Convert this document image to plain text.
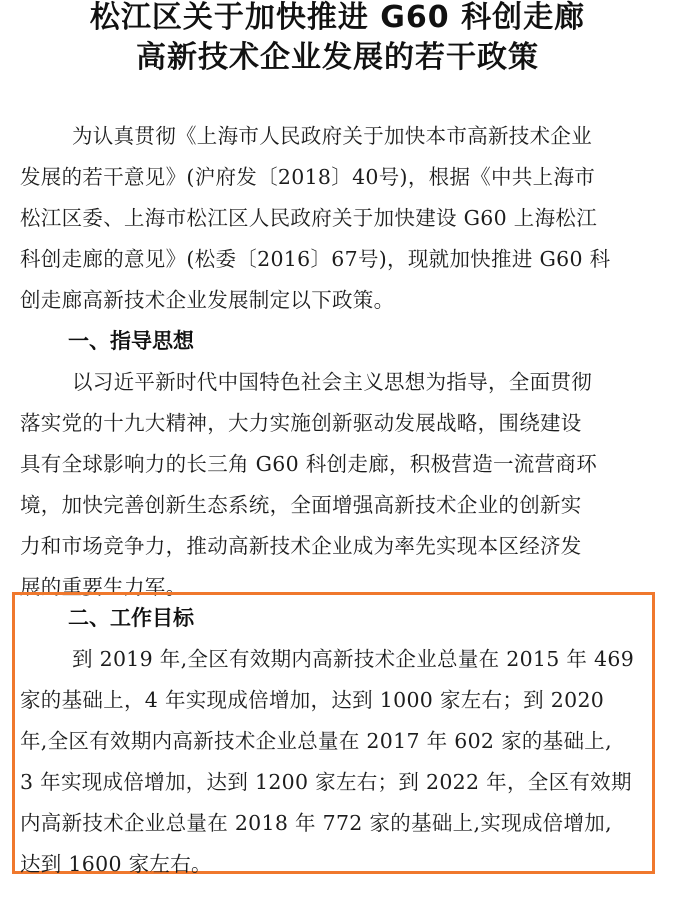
松江区关于加快推进 G60 科创走廊
高新技术企业发展的若干政策
为认真贯彻《上海市人民政府关于加快本市高新技术企业
发展的若干意见》(沪府发〔2018〕40号)，根据《中共上海市
松江区委、上海市松江区人民政府关于加快建设 G60 上海松江
科创走廊的意见》(松委〔2016〕67号)，现就加快推进 G60 科
创走廊高新技术企业发展制定以下政策。
一、指导思想
以习近平新时代中国特色社会主义思想为指导，全面贯彻
落实党的十九大精神，大力实施创新驱动发展战略，围绕建设
具有全球影响力的长三角 G60 科创走廊，积极营造一流营商环
境，加快完善创新生态系统，全面增强高新技术企业的创新实
力和市场竞争力，推动高新技术企业成为率先实现本区经济发
展的重要生力军。
二、工作目标
到 2019 年,全区有效期内高新技术企业总量在 2015 年 469
家的基础上，4 年实现成倍增加，达到 1000 家左右；到 2020
年,全区有效期内高新技术企业总量在 2017 年 602 家的基础上,
3 年实现成倍增加，达到 1200 家左右；到 2022 年，全区有效期
内高新技术企业总量在 2018 年 772 家的基础上,实现成倍增加,
达到 1600 家左右。
